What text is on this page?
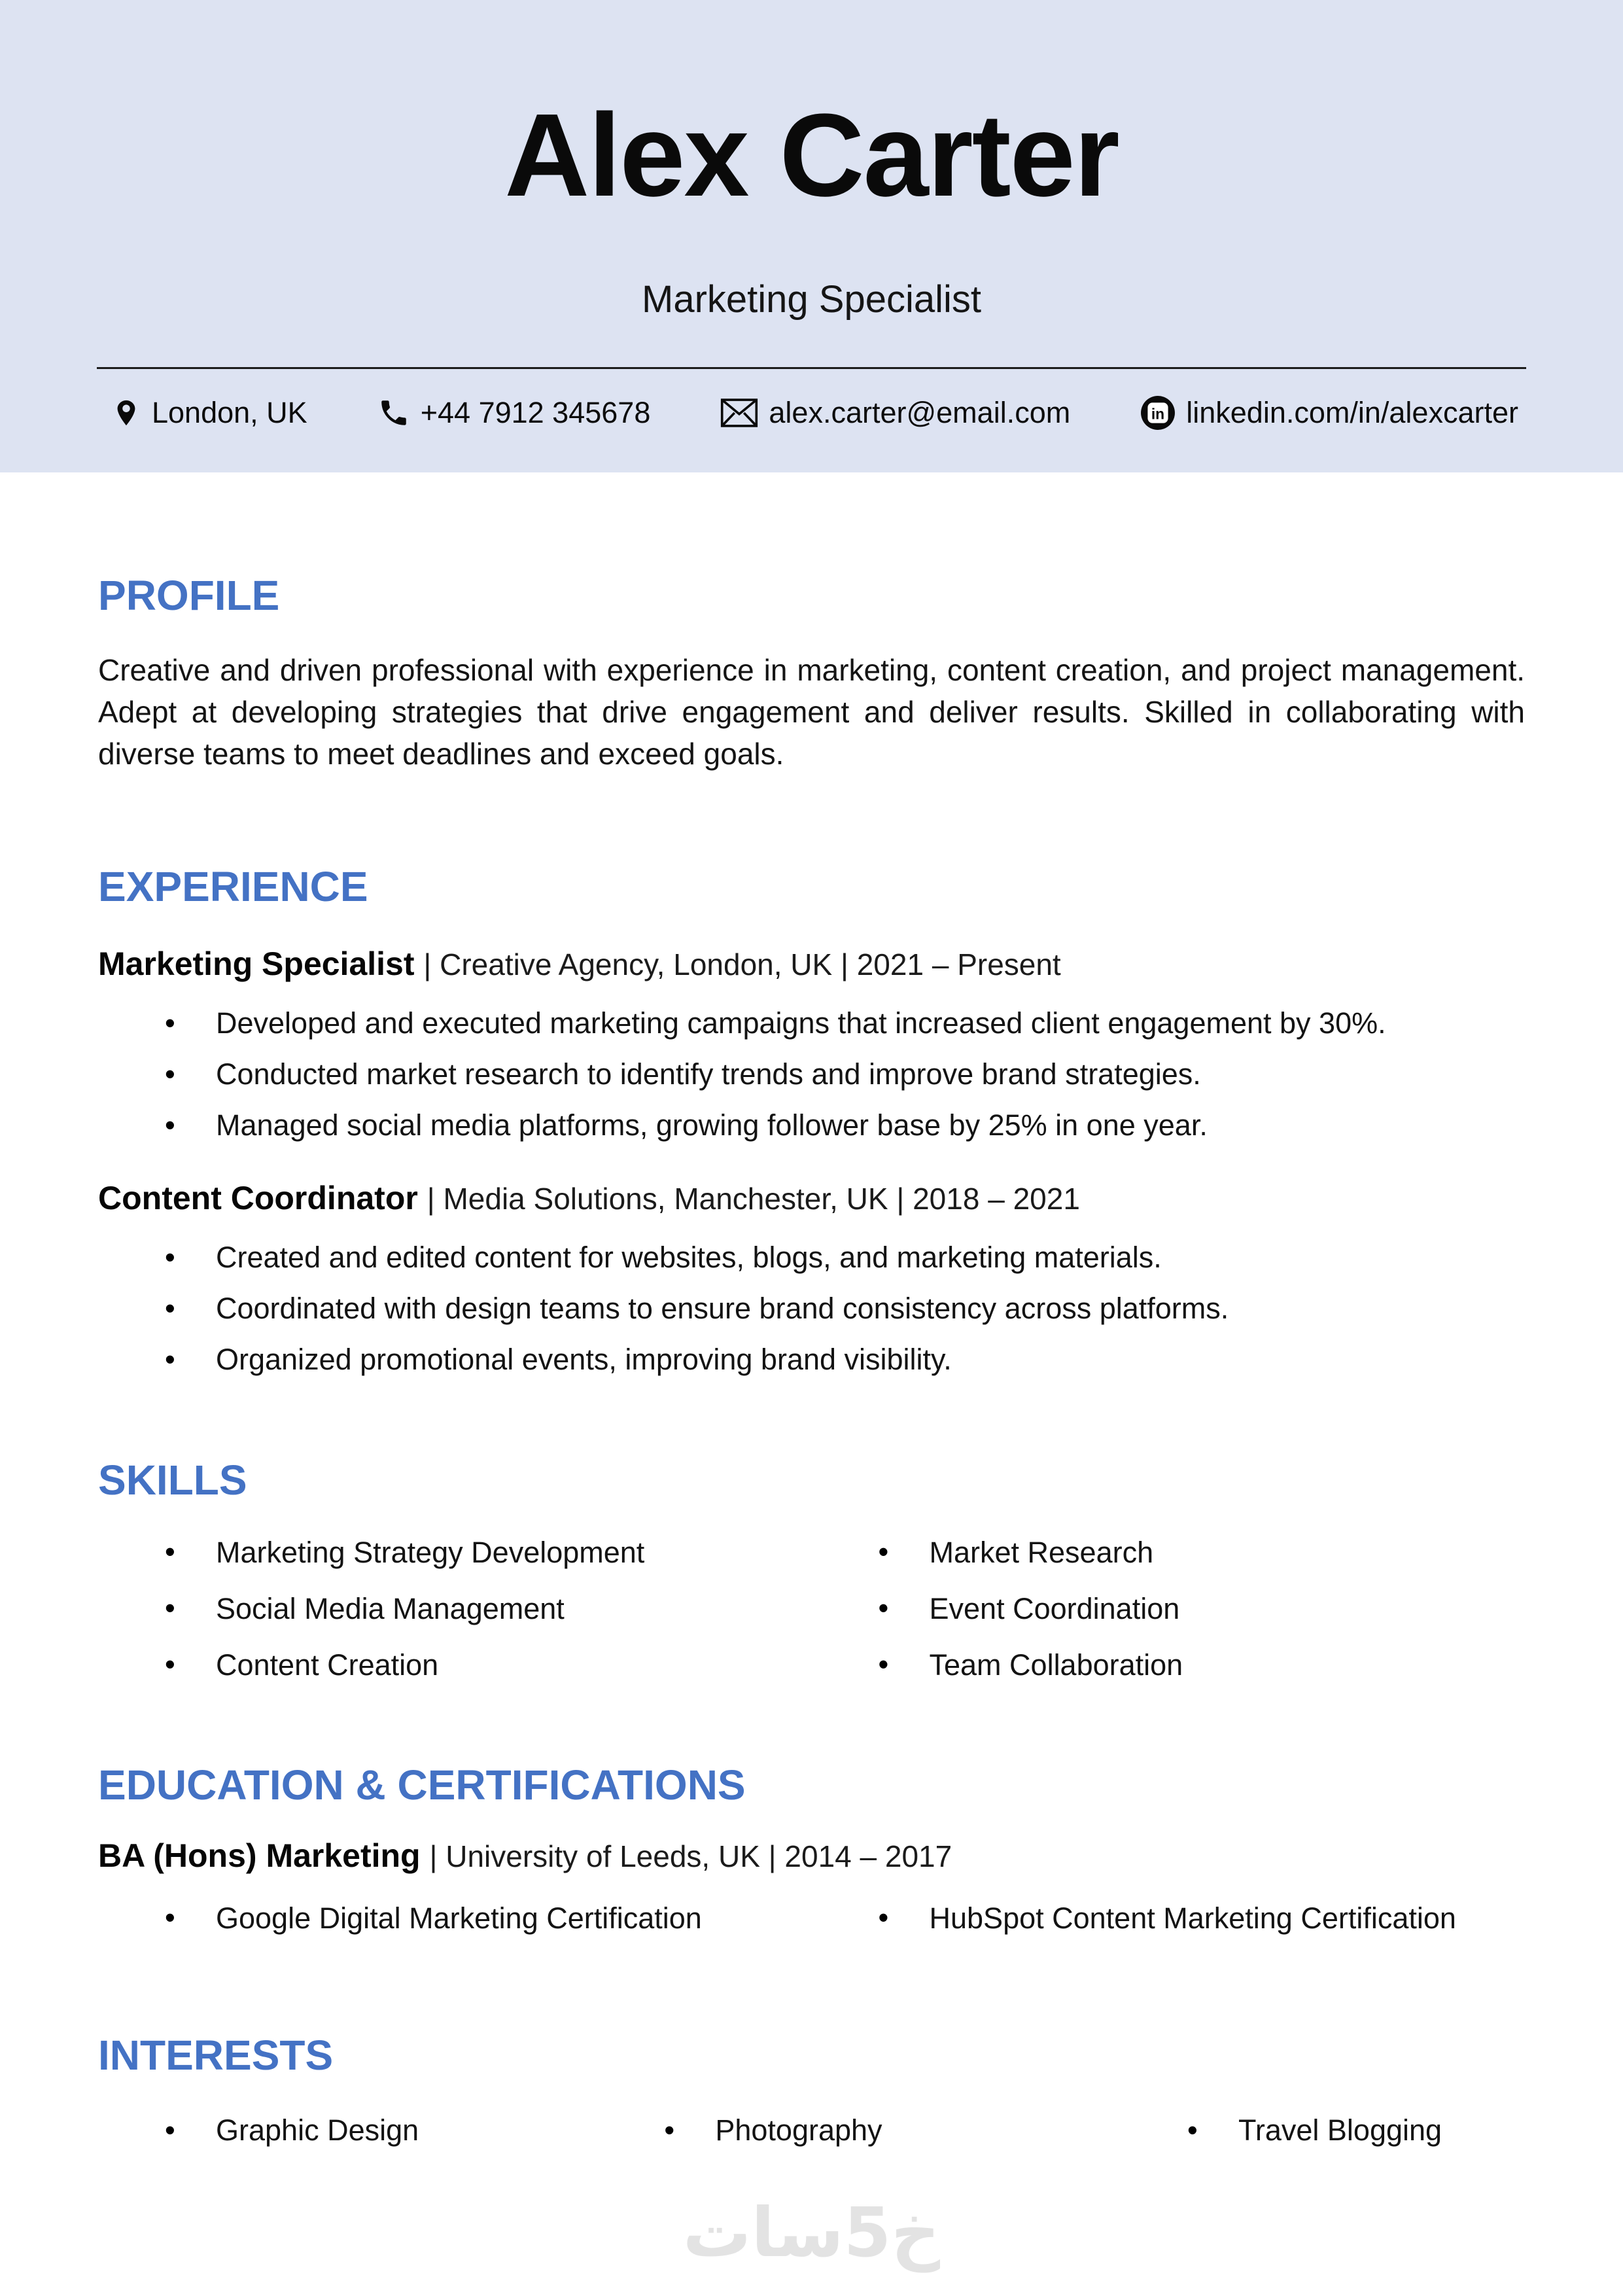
Alex Carter
Marketing Specialist
London, UK	+44 7912 345678	alex.carter@email.com	in linkedin.com/in/alexcarter
PROFILE

Creative and driven professional with experience in marketing, content creation, and project management. Adept at developing strategies that drive engagement and deliver results. Skilled in collaborating with diverse teams to meet deadlines and exceed goals.

EXPERIENCE
Marketing Specialist | Creative Agency, London, UK | 2021 – Present
• Developed and executed marketing campaigns that increased client engagement by 30%.
• Conducted market research to identify trends and improve brand strategies.
• Managed social media platforms, growing follower base by 25% in one year.
Content Coordinator | Media Solutions, Manchester, UK | 2018 – 2021
• Created and edited content for websites, blogs, and marketing materials.
• Coordinated with design teams to ensure brand consistency across platforms.
• Organized promotional events, improving brand visibility.
SKILLS
• Marketing Strategy Development
• Social Media Management
• Content Creation
• Market Research
• Event Coordination
• Team Collaboration
EDUCATION & CERTIFICATIONS
BA (Hons) Marketing | University of Leeds, UK | 2014 – 2017
• Google Digital Marketing Certification	• HubSpot Content Marketing Certification
INTERESTS
• Graphic Design	• Photography	• Travel Blogging
خ5سات
